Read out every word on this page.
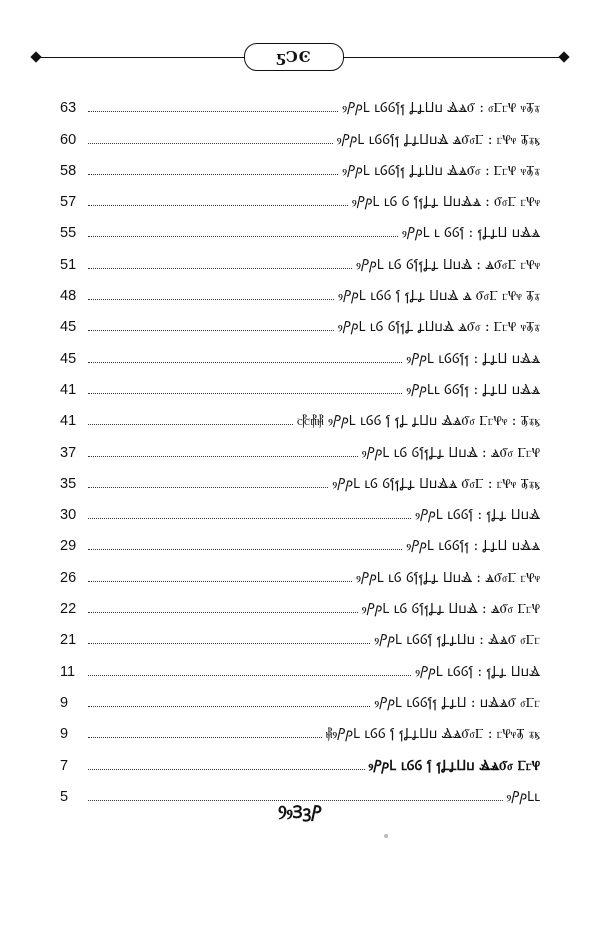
ƽϽϾ
63	ⳋⳎⳏⳐ ⳑⳒⳓⳔⳕ ⳖⳗⳘⳙ ⳚⳛⳜ : ⳝⳞⳟⳠ ⳡⳢⳣ
60	ⳋⳎⳏⳐ ⳑⳒⳓⳔⳕ ⳖⳗⳘⳙⳚ ⳛⳜⳝⳞ : ⳟⳠⳡ Ⳣⳣⳤ
58	ⳋⳎⳏⳐ ⳑⳒⳓⳔⳕ ⳖⳗⳘⳙ ⳚⳛⳜⳝ : ⳞⳟⳠ ⳡⳢⳣ
57	ⳋⳎⳏⳐ ⳑⳒ ⳓ ⳔⳕⳖⳗ ⳘⳙⳚⳛ : ⳜⳝⳞ ⳟⳠⳡ
55	ⳋⳎⳏⳐ ⳑ ⳒⳓⳔ : ⳕⳖⳗⳘ ⳙⳚⳛ
51	ⳋⳎⳏⳐ ⳑⳒ ⳓⳔⳕⳖⳗ ⳘⳙⳚ : ⳛⳜⳝⳞ ⳟⳠⳡ
48	ⳋⳎⳏⳐ ⳑⳒⳓ Ⳕ ⳕⳖⳗ ⳘⳙⳚ ⳛ ⳜⳝⳞ ⳟⳠⳡ Ⳣⳣ
45	ⳋⳎⳏⳐ ⳑⳒ ⳓⳔⳕⳖ ⳗⳘⳙⳚ ⳛⳜⳝ : ⳞⳟⳠ ⳡⳢⳣ
45	ⳋⳎⳏⳐ ⳑⳒⳓⳔⳕ : ⳖⳗⳘ ⳙⳚⳛ
41	ⳋⳎⳏⳐⳑ ⳒⳓⳔⳕ : ⳖⳗⳘ ⳙⳚⳛ
41	ⳋⳎⳏⳐ ⳑⳒⳓ Ⳕ ⳕⳖ ⳗⳘⳙ ⳚⳛⳜⳝ ⳞⳟⳠⳡ : Ⳣⳣⳤ ⳥⳦⳧
37	ⳋⳎⳏⳐ ⳑⳒ ⳓⳔⳕⳖⳗ ⳘⳙⳚ : ⳛⳜⳝ ⳞⳟⳠ
35	ⳋⳎⳏⳐ ⳑⳒ ⳓⳔⳕⳖⳗ ⳘⳙⳚⳛ ⳜⳝⳞ : ⳟⳠⳡ Ⳣⳣⳤ
30	ⳋⳎⳏⳐ ⳑⳒⳓⳔ : ⳕⳖⳗ ⳘⳙⳚ
29	ⳋⳎⳏⳐ ⳑⳒⳓⳔⳕ : ⳖⳗⳘ ⳙⳚⳛ
26	ⳋⳎⳏⳐ ⳑⳒ ⳓⳔⳕⳖⳗ ⳘⳙⳚ : ⳛⳜⳝⳞ ⳟⳠⳡ
22	ⳋⳎⳏⳐ ⳑⳒ ⳓⳔⳕⳖⳗ ⳘⳙⳚ : ⳛⳜⳝ ⳞⳟⳠ
21	ⳋⳎⳏⳐ ⳑⳒⳓⳔ ⳕⳖⳗⳘⳙ : ⳚⳛⳜ ⳝⳞⳟ
11	ⳋⳎⳏⳐ ⳑⳒⳓⳔ : ⳕⳖⳗ ⳘⳙⳚ
9	ⳋⳎⳏⳐ ⳑⳒⳓⳔⳕ ⳖⳗⳘ : ⳙⳚⳛⳜ ⳝⳞⳟ
9	ⳋⳎⳏⳐ ⳑⳒⳓ Ⳕ ⳕⳖⳗⳘⳙ ⳚⳛⳜⳝⳞ : ⳟⳠⳡⳢ ⳣⳤ⳥
7	ⳋⳎⳏⳐ ⳑⳒⳓ Ⳕ ⳕⳖⳗⳘⳙ ⳚⳛⳜⳝ ⳞⳟⳠ
5	ⳋⳎⳏⳐⳑ
ⳊⳋⳌⳍⳎ
